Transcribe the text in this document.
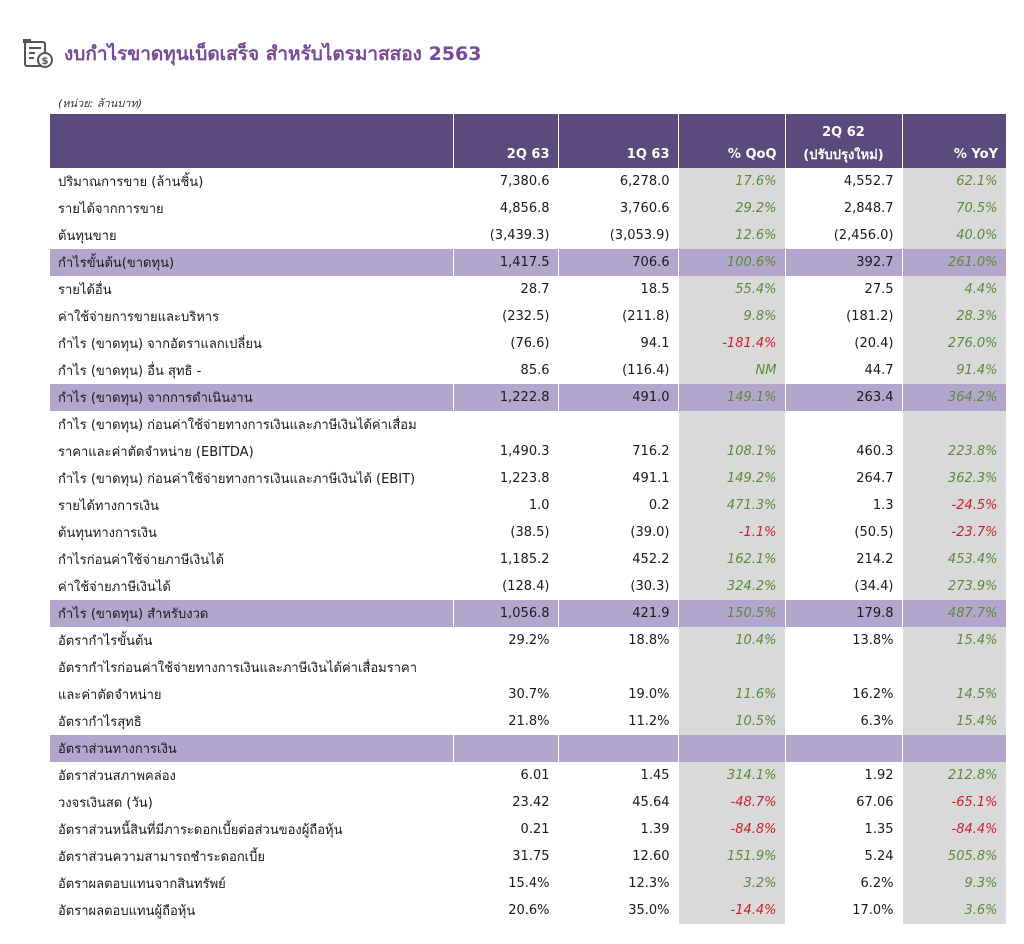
$ งบกำไรขาดทุนเบ็ดเสร็จ สำหรับไตรมาสสอง 2563
(หน่วย: ล้านบาท)
				2Q 62	
	2Q 63	1Q 63	% QoQ	(ปรับปรุงใหม่)	% YoY
ปริมาณการขาย (ล้านชิ้น)	7,380.6	6,278.0	17.6%	4,552.7	62.1%
รายได้จากการขาย	4,856.8	3,760.6	29.2%	2,848.7	70.5%
ต้นทุนขาย	(3,439.3)	(3,053.9)	12.6%	(2,456.0)	40.0%
กำไรขั้นต้น(ขาดทุน)	1,417.5	706.6	100.6%	392.7	261.0%
รายได้อื่น	28.7	18.5	55.4%	27.5	4.4%
ค่าใช้จ่ายการขายและบริหาร	(232.5)	(211.8)	9.8%	(181.2)	28.3%
กำไร (ขาดทุน) จากอัตราแลกเปลี่ยน	(76.6)	94.1	-181.4%	(20.4)	276.0%
กำไร (ขาดทุน) อื่น สุทธิ -	85.6	(116.4)	NM	44.7	91.4%
กำไร (ขาดทุน) จากการดำเนินงาน	1,222.8	491.0	149.1%	263.4	364.2%
กำไร (ขาดทุน) ก่อนค่าใช้จ่ายทางการเงินและภาษีเงินได้ค่าเสื่อม					
ราคาและค่าตัดจำหน่าย (EBITDA)	1,490.3	716.2	108.1%	460.3	223.8%
กำไร (ขาดทุน) ก่อนค่าใช้จ่ายทางการเงินและภาษีเงินได้ (EBIT)	1,223.8	491.1	149.2%	264.7	362.3%
รายได้ทางการเงิน	1.0	0.2	471.3%	1.3	-24.5%
ต้นทุนทางการเงิน	(38.5)	(39.0)	-1.1%	(50.5)	-23.7%
กำไรก่อนค่าใช้จ่ายภาษีเงินได้	1,185.2	452.2	162.1%	214.2	453.4%
ค่าใช้จ่ายภาษีเงินได้	(128.4)	(30.3)	324.2%	(34.4)	273.9%
กำไร (ขาดทุน) สำหรับงวด	1,056.8	421.9	150.5%	179.8	487.7%
อัตรากำไรขั้นต้น	29.2%	18.8%	10.4%	13.8%	15.4%
อัตรากำไรก่อนค่าใช้จ่ายทางการเงินและภาษีเงินได้ค่าเสื่อมราคา					
และค่าตัดจำหน่าย	30.7%	19.0%	11.6%	16.2%	14.5%
อัตรากำไรสุทธิ	21.8%	11.2%	10.5%	6.3%	15.4%
อัตราส่วนทางการเงิน					
อัตราส่วนสภาพคล่อง	6.01	1.45	314.1%	1.92	212.8%
วงจรเงินสด (วัน)	23.42	45.64	-48.7%	67.06	-65.1%
อัตราส่วนหนี้สินที่มีภาระดอกเบี้ยต่อส่วนของผู้ถือหุ้น	0.21	1.39	-84.8%	1.35	-84.4%
อัตราส่วนความสามารถชำระดอกเบี้ย	31.75	12.60	151.9%	5.24	505.8%
อัตราผลตอบแทนจากสินทรัพย์	15.4%	12.3%	3.2%	6.2%	9.3%
อัตราผลตอบแทนผู้ถือหุ้น	20.6%	35.0%	-14.4%	17.0%	3.6%
